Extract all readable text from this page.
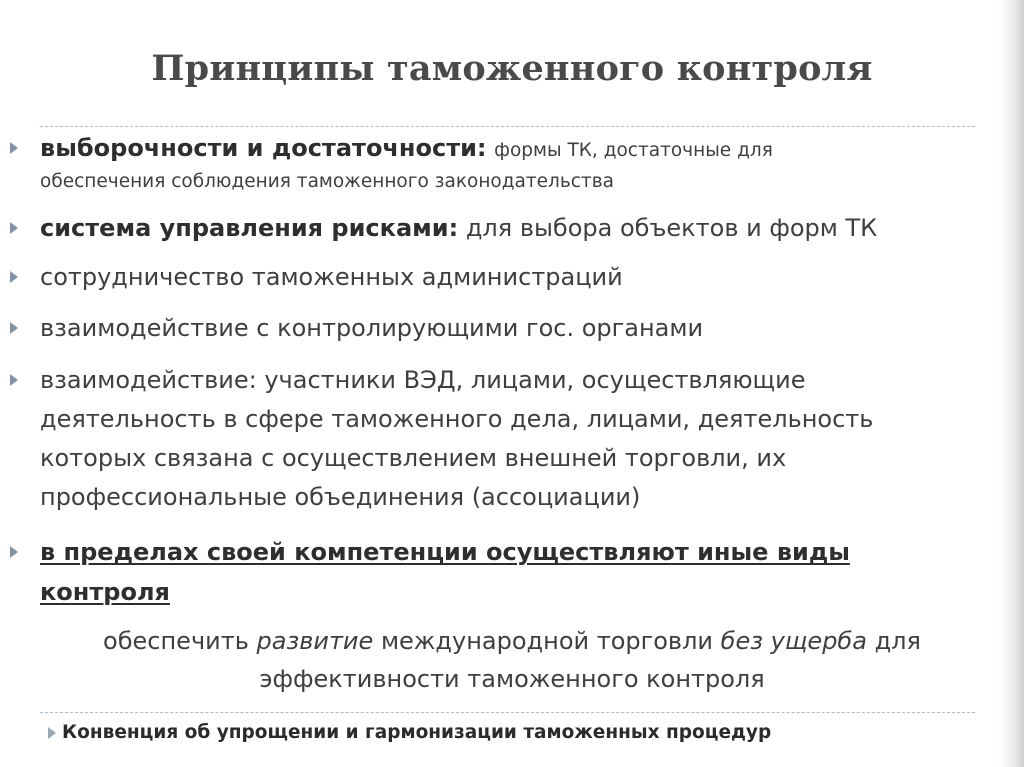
Принципы таможенного контроля
выборочности и достаточности: формы ТК, достаточные для
обеспечения соблюдения таможенного законодательства
система управления рисками: для выбора объектов и форм ТК
сотрудничество таможенных администраций
взаимодействие с контролирующими гос. органами
взаимодействие: участники ВЭД, лицами, осуществляющие
деятельность в сфере таможенного дела, лицами, деятельность
которых связана с осуществлением внешней торговли, их
профессиональные объединения (ассоциации)
в пределах своей компетенции осуществляют иные виды
контроля
обеспечить развитие международной торговли без ущерба для
эффективности таможенного контроля
Конвенция об упрощении и гармонизации таможенных процедур
